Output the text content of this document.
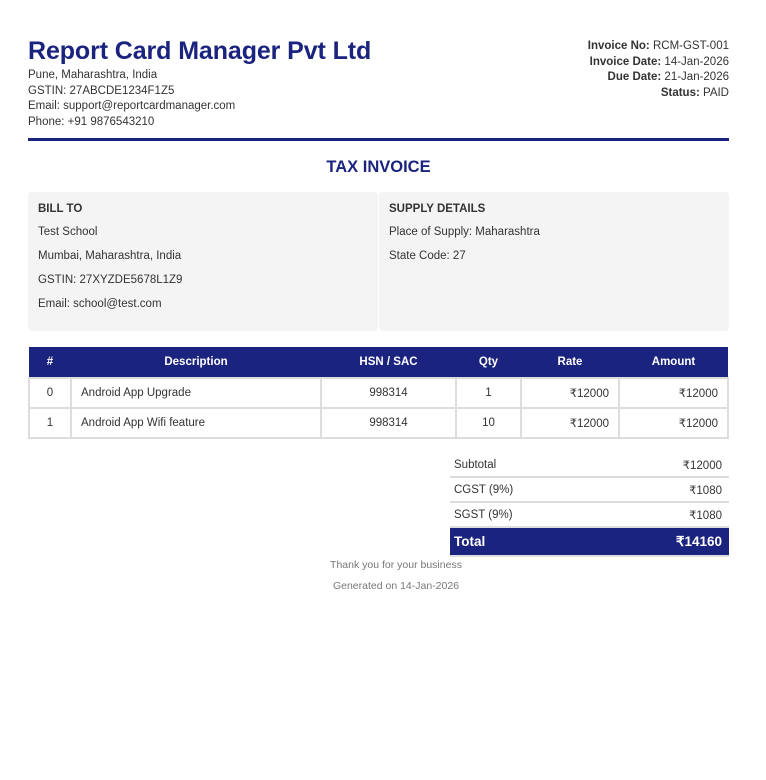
Report Card Manager Pvt Ltd
Pune, Maharashtra, India
GSTIN: 27ABCDE1234F1Z5
Email: support@reportcardmanager.com
Phone: +91 9876543210
Invoice No: RCM-GST-001
Invoice Date: 14-Jan-2026
Due Date: 21-Jan-2026
Status: PAID
TAX INVOICE
BILL TO

Test School

Mumbai, Maharashtra, India

GSTIN: 27XYZDE5678L1Z9

Email: school@test.com

SUPPLY DETAILS

Place of Supply: Maharashtra

State Code: 27

#	Description	HSN / SAC	Qty	Rate	Amount
0	Android App Upgrade	998314	1	₹12000	₹12000
1	Android App Wifi feature	998314	10	₹12000	₹12000
Subtotal	₹12000
CGST (9%)	₹1080
SGST (9%)	₹1080
Total	₹14160
Thank you for your business
Generated on 14-Jan-2026
